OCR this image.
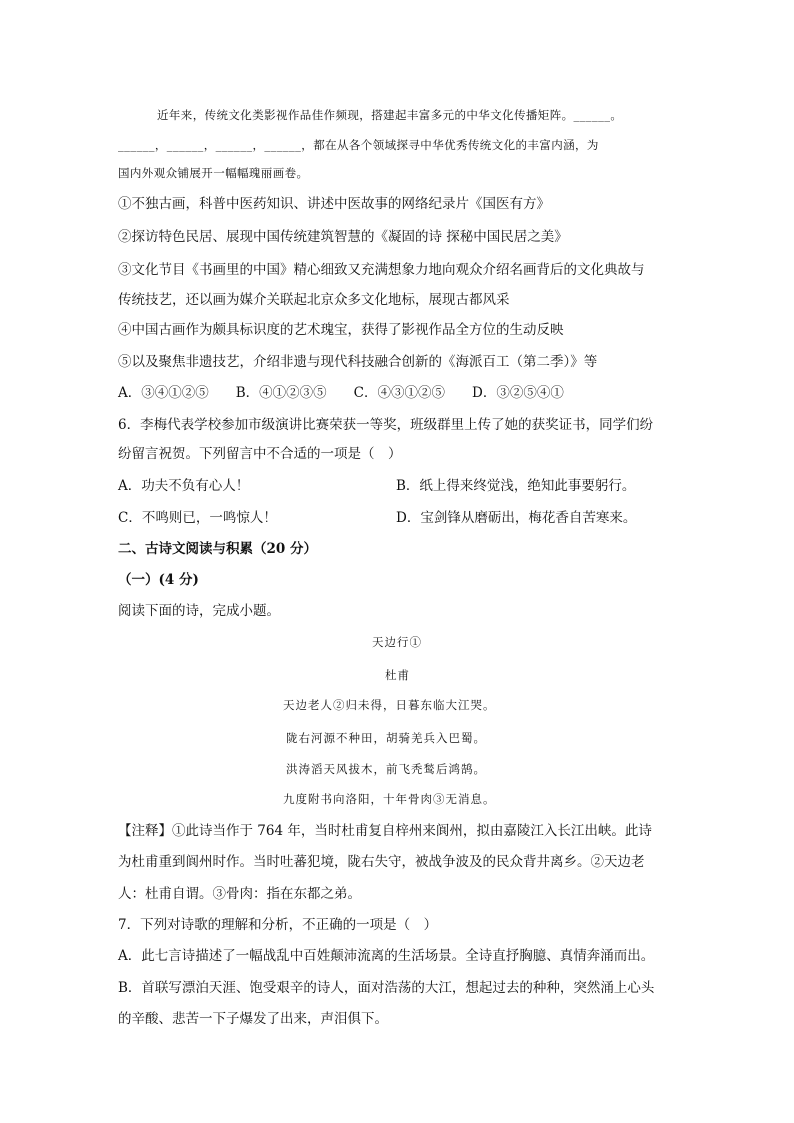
近年来，传统文化类影视作品佳作频现，搭建起丰富多元的中华文化传播矩阵。______。
______，______，______，______，都在从各个领域探寻中华优秀传统文化的丰富内涵，为
国内外观众铺展开一幅幅瑰丽画卷。
①不独古画，科普中医药知识、讲述中医故事的网络纪录片《国医有方》
②探访特色民居、展现中国传统建筑智慧的《凝固的诗 探秘中国民居之美》
③文化节目《书画里的中国》精心细致又充满想象力地向观众介绍名画背后的文化典故与
传统技艺，还以画为媒介关联起北京众多文化地标，展现古都风采
④中国古画作为颇具标识度的艺术瑰宝，获得了影视作品全方位的生动反映
⑤以及聚焦非遗技艺，介绍非遗与现代科技融合创新的《海派百工（第二季）》等
A．③④①②⑤　　B．④①②③⑤　　C．④③①②⑤　　D．③②⑤④①
6．李梅代表学校参加市级演讲比赛荣获一等奖，班级群里上传了她的获奖证书，同学们纷
纷留言祝贺。下列留言中不合适的一项是（　）
A．功夫不负有心人！	B．纸上得来终觉浅，绝知此事要躬行。
C．不鸣则已，一鸣惊人！	D．宝剑锋从磨砺出，梅花香自苦寒来。
二、古诗文阅读与积累（20 分）
（一）(4 分)
阅读下面的诗，完成小题。
天边行①
杜甫
天边老人②归未得，日暮东临大江哭。
陇右河源不种田，胡骑羌兵入巴蜀。
洪涛滔天风拔木，前飞秃鹙后鸿鹄。
九度附书向洛阳，十年骨肉③无消息。
【注释】①此诗当作于 764 年，当时杜甫复自梓州来阆州，拟由嘉陵江入长江出峡。此诗
为杜甫重到阆州时作。当时吐蕃犯境，陇右失守，被战争波及的民众背井离乡。②天边老
人：杜甫自谓。③骨肉：指在东都之弟。
7．下列对诗歌的理解和分析，不正确的一项是（　）
A．此七言诗描述了一幅战乱中百姓颠沛流离的生活场景。全诗直抒胸臆、真情奔涌而出。
B．首联写漂泊天涯、饱受艰辛的诗人，面对浩荡的大江，想起过去的种种，突然涌上心头
的辛酸、悲苦一下子爆发了出来，声泪俱下。
